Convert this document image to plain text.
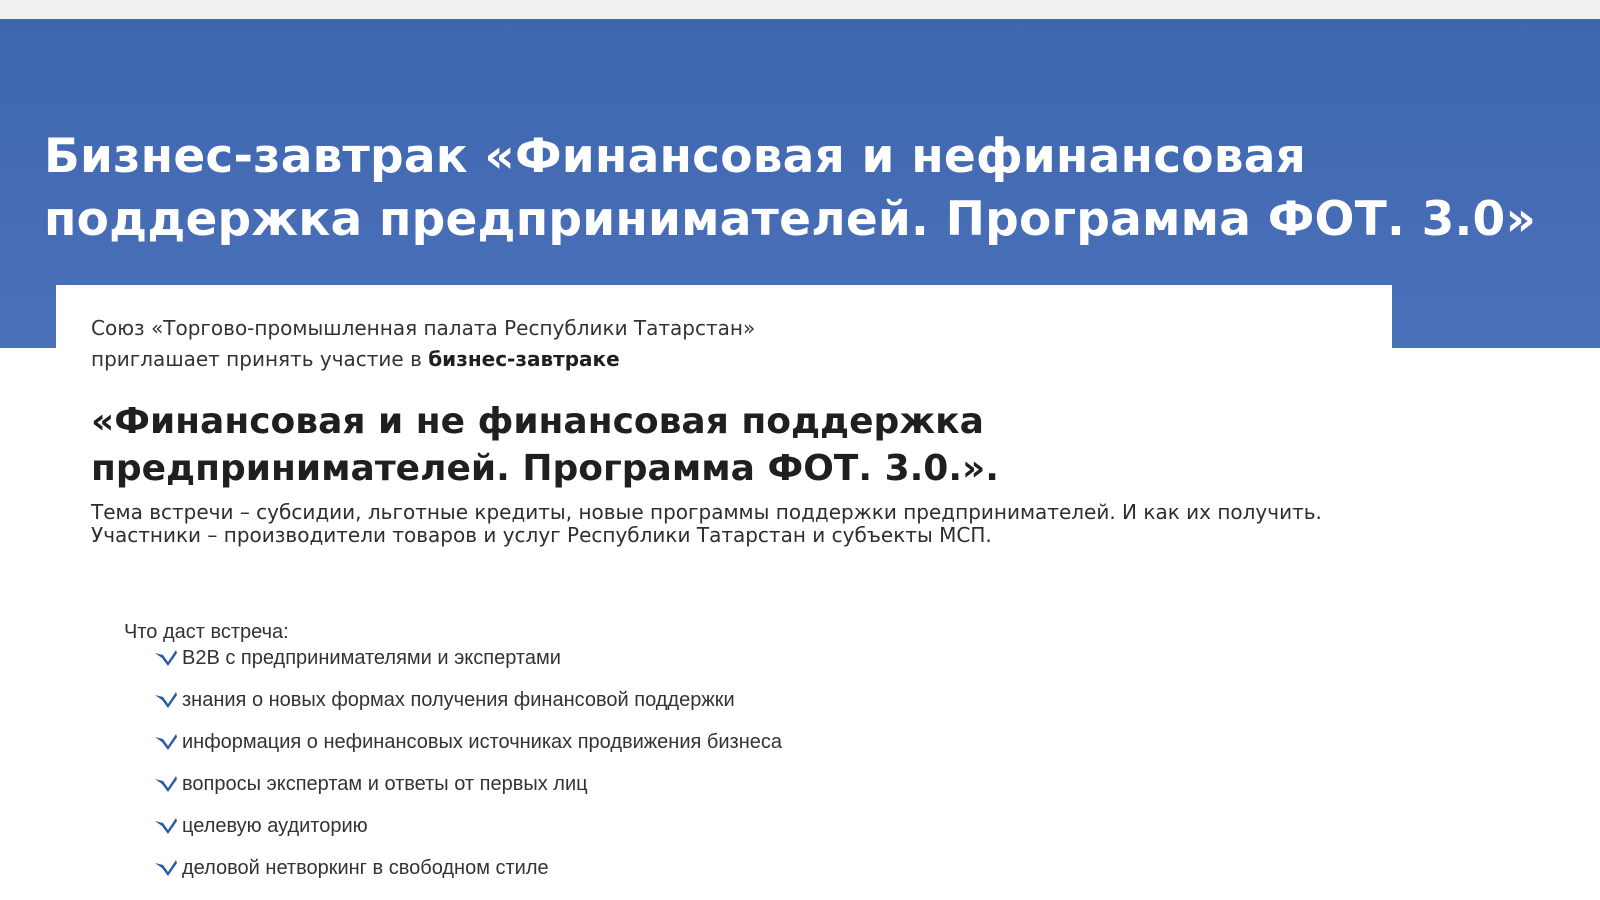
Бизнес-завтрак «Финансовая и нефинансовая
поддержка предпринимателей. Программа ФОТ. 3.0»

Союз «Торгово-промышленная палата Республики Татарстан»
приглашает принять участие в бизнес-завтраке

«Финансовая и не финансовая поддержка
предпринимателей. Программа ФОТ. 3.0.».

Тема встречи – субсидии, льготные кредиты, новые программы поддержки предпринимателей. И как их получить.
Участники – производители товаров и услуг Республики Татарстан и субъекты МСП.

Что даст встреча:

B2B с предпринимателями и экспертами
знания о новых формах получения финансовой поддержки
информация о нефинансовых источниках продвижения бизнеса
вопросы экспертам и ответы от первых лиц
целевую аудиторию
деловой нетворкинг в свободном стиле
